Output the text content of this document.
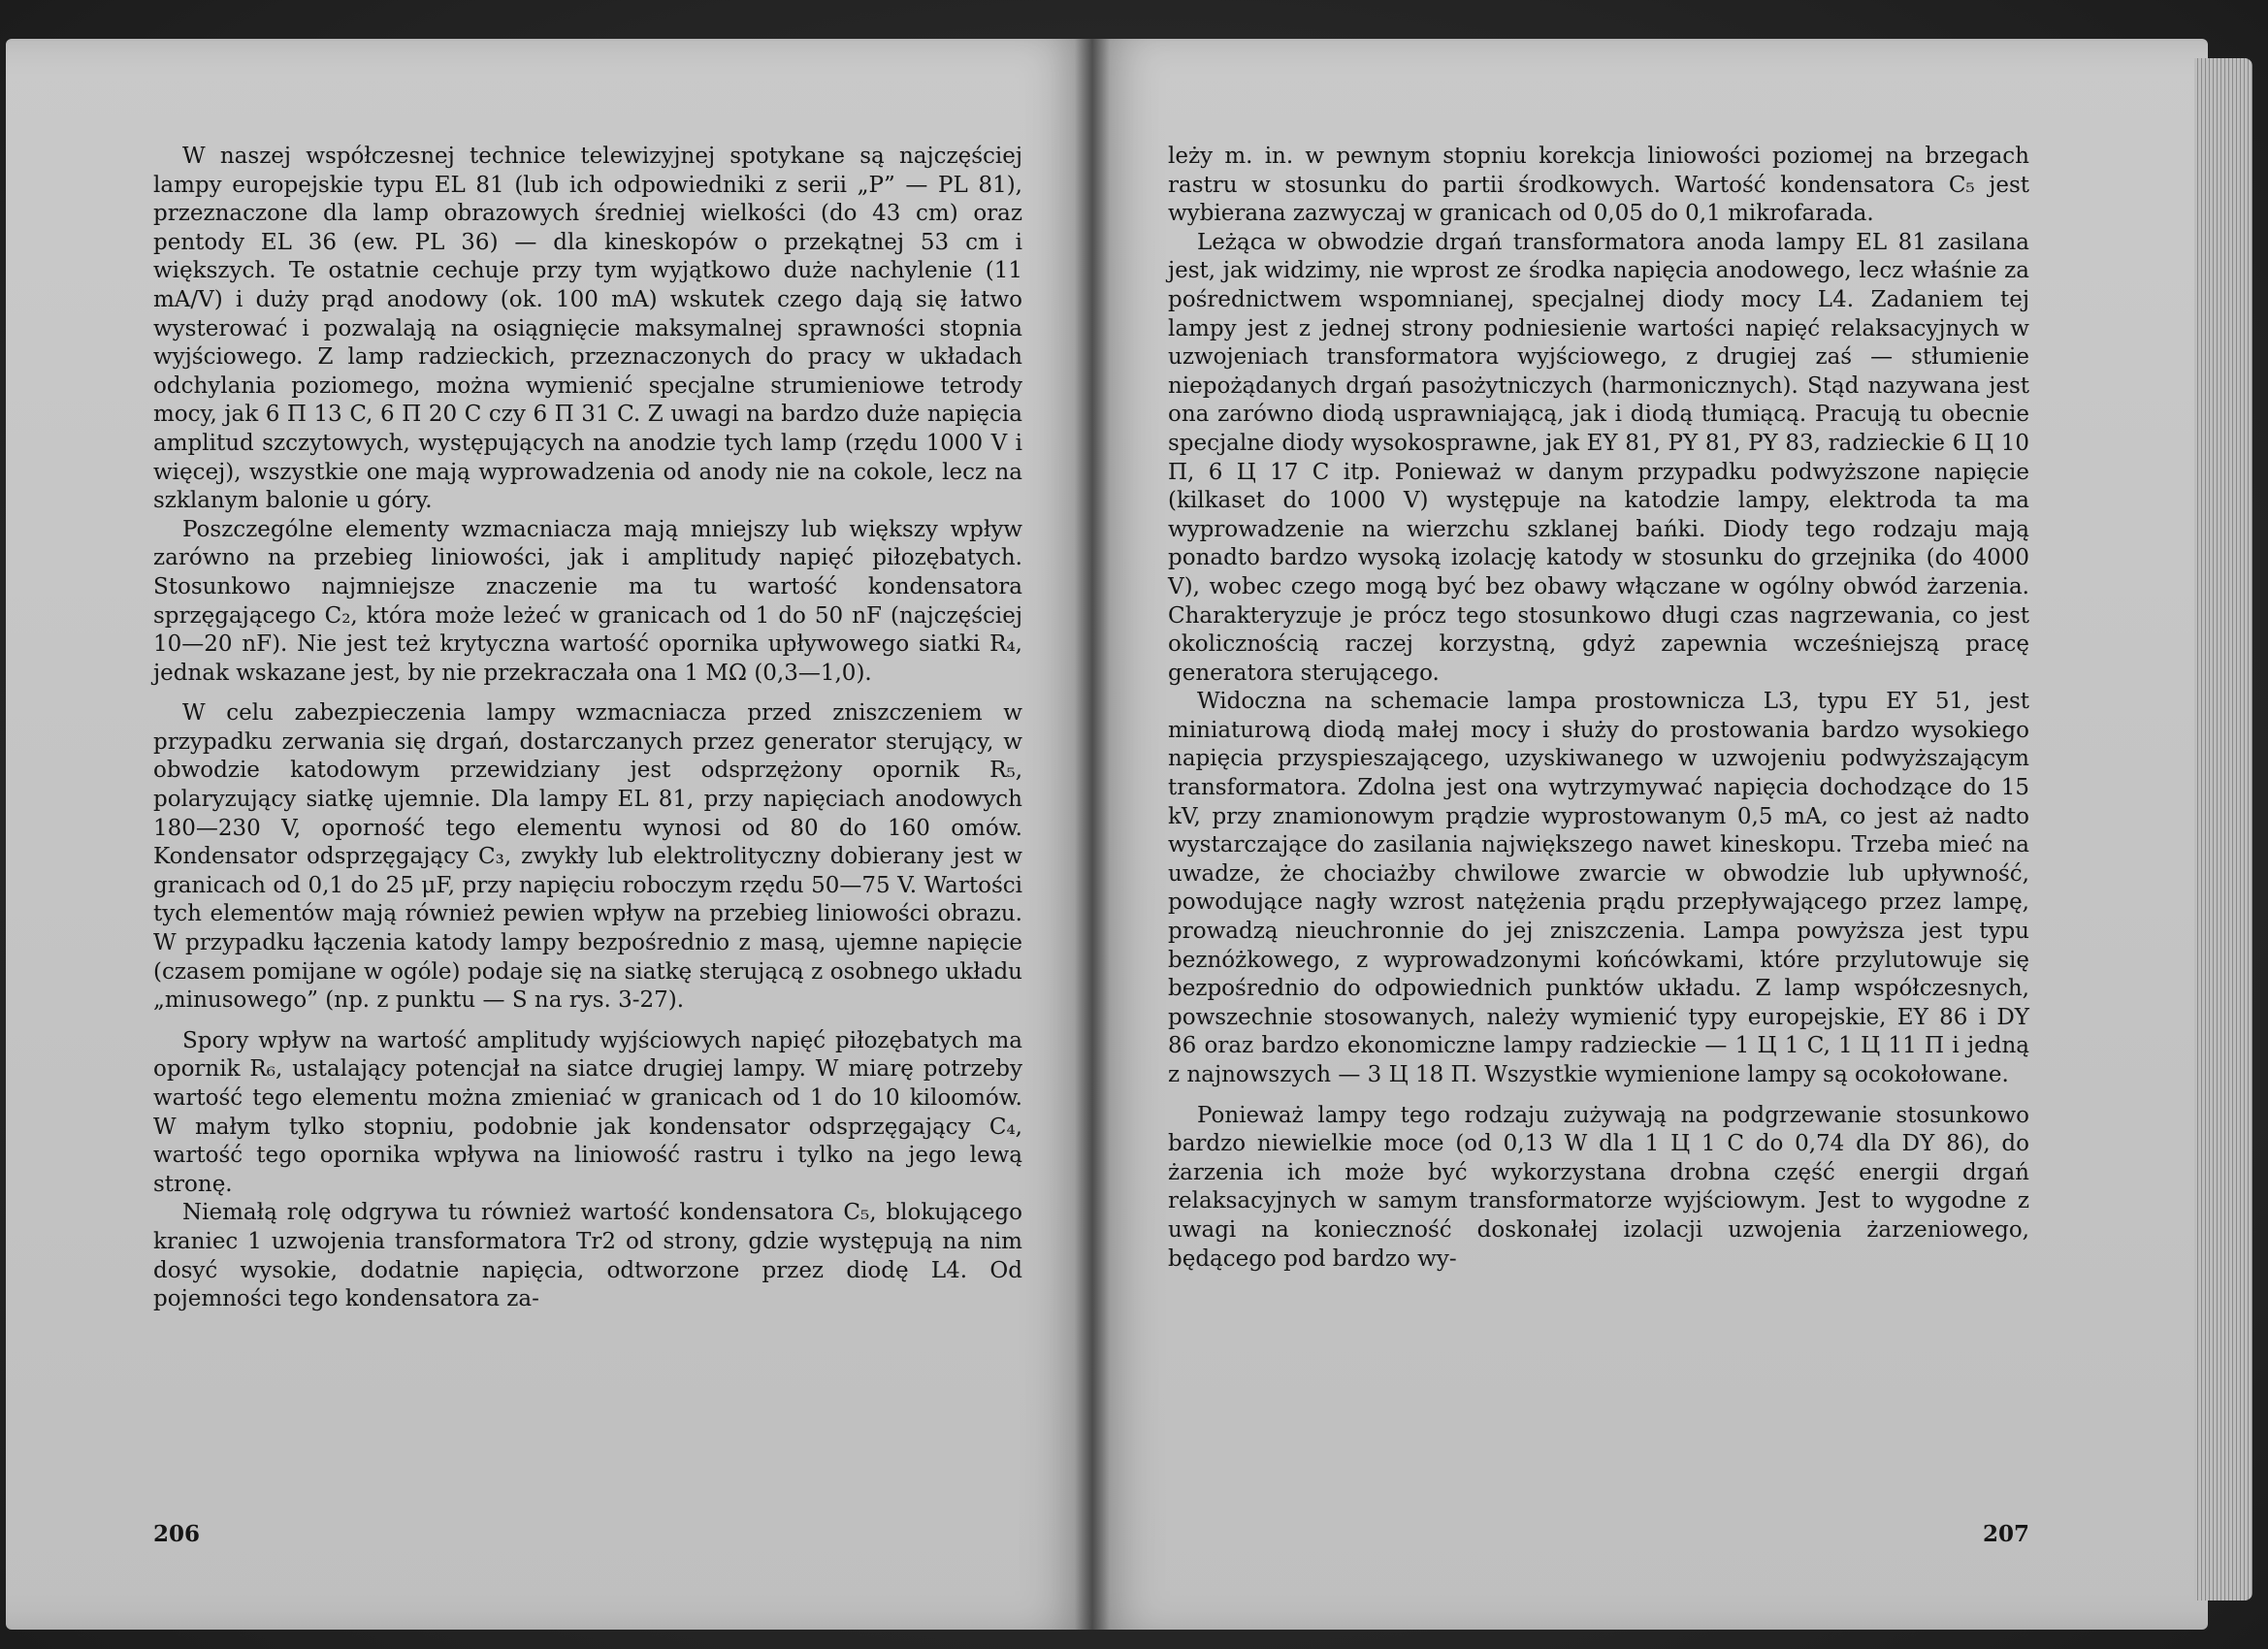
W naszej współczesnej technice telewizyjnej spotykane są najczęściej lampy europejskie typu EL 81 (lub ich odpowiedniki z serii „P” — PL 81), przeznaczone dla lamp obrazowych średniej wielkości (do 43 cm) oraz pentody EL 36 (ew. PL 36) — dla kineskopów o przekątnej 53 cm i większych. Te ostatnie cechuje przy tym wyjątkowo duże nachylenie (11 mA/V) i duży prąd anodowy (ok. 100 mA) wskutek czego dają się łatwo wysterować i pozwalają na osiągnięcie maksymalnej sprawności stopnia wyjściowego. Z lamp radzieckich, przeznaczonych do pracy w układach odchylania poziomego, można wymienić specjalne strumieniowe tetrody mocy, jak 6 П 13 C, 6 П 20 C czy 6 П 31 C. Z uwagi na bardzo duże napięcia amplitud szczytowych, występujących na anodzie tych lamp (rzędu 1000 V i więcej), wszystkie one mają wyprowadzenia od anody nie na cokole, lecz na szklanym balonie u góry.

Poszczególne elementy wzmacniacza mają mniejszy lub większy wpływ zarówno na przebieg liniowości, jak i amplitudy napięć piłozębatych. Stosunkowo najmniejsze znaczenie ma tu wartość kondensatora sprzęgającego C₂, która może leżeć w granicach od 1 do 50 nF (najczęściej 10—20 nF). Nie jest też krytyczna wartość opornika upływowego siatki R₄, jednak wskazane jest, by nie przekraczała ona 1 MΩ (0,3—1,0).

W celu zabezpieczenia lampy wzmacniacza przed zniszczeniem w przypadku zerwania się drgań, dostarczanych przez generator sterujący, w obwodzie katodowym przewidziany jest odsprzężony opornik R₅, polaryzujący siatkę ujemnie. Dla lampy EL 81, przy napięciach anodowych 180—230 V, oporność tego elementu wynosi od 80 do 160 omów. Kondensator odsprzęgający C₃, zwykły lub elektrolityczny dobierany jest w granicach od 0,1 do 25 μF, przy napięciu roboczym rzędu 50—75 V. Wartości tych elementów mają również pewien wpływ na przebieg liniowości obrazu. W przypadku łączenia katody lampy bezpośrednio z masą, ujemne napięcie (czasem pomijane w ogóle) podaje się na siatkę sterującą z osobnego układu „minusowego” (np. z punktu — S na rys. 3-27).

Spory wpływ na wartość amplitudy wyjściowych napięć piłozębatych ma opornik R₆, ustalający potencjał na siatce drugiej lampy. W miarę potrzeby wartość tego elementu można zmieniać w granicach od 1 do 10 kiloomów. W małym tylko stopniu, podobnie jak kondensator odsprzęgający C₄, wartość tego opornika wpływa na liniowość rastru i tylko na jego lewą stronę.

Niemałą rolę odgrywa tu również wartość kondensatora C₅, blokującego kraniec 1 uzwojenia transformatora Tr2 od strony, gdzie występują na nim dosyć wysokie, dodatnie napięcia, odtworzone przez diodę L4. Od pojemności tego kondensatora za-

leży m. in. w pewnym stopniu korekcja liniowości poziomej na brzegach rastru w stosunku do partii środkowych. Wartość kondensatora C₅ jest wybierana zazwyczaj w granicach od 0,05 do 0,1 mikrofarada.

Leżąca w obwodzie drgań transformatora anoda lampy EL 81 zasilana jest, jak widzimy, nie wprost ze środka napięcia anodowego, lecz właśnie za pośrednictwem wspomnianej, specjalnej diody mocy L4. Zadaniem tej lampy jest z jednej strony podniesienie wartości napięć relaksacyjnych w uzwojeniach transformatora wyjściowego, z drugiej zaś — stłumienie niepożądanych drgań pasożytniczych (harmonicznych). Stąd nazywana jest ona zarówno diodą usprawniającą, jak i diodą tłumiącą. Pracują tu obecnie specjalne diody wysokosprawne, jak EY 81, PY 81, PY 83, radzieckie 6 Ц 10 П, 6 Ц 17 C itp. Ponieważ w danym przypadku podwyższone napięcie (kilkaset do 1000 V) występuje na katodzie lampy, elektroda ta ma wyprowadzenie na wierzchu szklanej bańki. Diody tego rodzaju mają ponadto bardzo wysoką izolację katody w stosunku do grzejnika (do 4000 V), wobec czego mogą być bez obawy włączane w ogólny obwód żarzenia. Charakteryzuje je prócz tego stosunkowo długi czas nagrzewania, co jest okolicznością raczej korzystną, gdyż zapewnia wcześniejszą pracę generatora sterującego.

Widoczna na schemacie lampa prostownicza L3, typu EY 51, jest miniaturową diodą małej mocy i służy do prostowania bardzo wysokiego napięcia przyspieszającego, uzyskiwanego w uzwojeniu podwyższającym transformatora. Zdolna jest ona wytrzymywać napięcia dochodzące do 15 kV, przy znamionowym prądzie wyprostowanym 0,5 mA, co jest aż nadto wystarczające do zasilania największego nawet kineskopu. Trzeba mieć na uwadze, że chociażby chwilowe zwarcie w obwodzie lub upływność, powodujące nagły wzrost natężenia prądu przepływającego przez lampę, prowadzą nieuchronnie do jej zniszczenia. Lampa powyższa jest typu beznóżkowego, z wyprowadzonymi końcówkami, które przylutowuje się bezpośrednio do odpowiednich punktów układu. Z lamp współczesnych, powszechnie stosowanych, należy wymienić typy europejskie, EY 86 i DY 86 oraz bardzo ekonomiczne lampy radzieckie — 1 Ц 1 C, 1 Ц 11 П i jedną z najnowszych — 3 Ц 18 П. Wszystkie wymienione lampy są ocokołowane.

Ponieważ lampy tego rodzaju zużywają na podgrzewanie stosunkowo bardzo niewielkie moce (od 0,13 W dla 1 Ц 1 C do 0,74 dla DY 86), do żarzenia ich może być wykorzystana drobna część energii drgań relaksacyjnych w samym transformatorze wyjściowym. Jest to wygodne z uwagi na konieczność doskonałej izolacji uzwojenia żarzeniowego, będącego pod bardzo wy-

206	207
